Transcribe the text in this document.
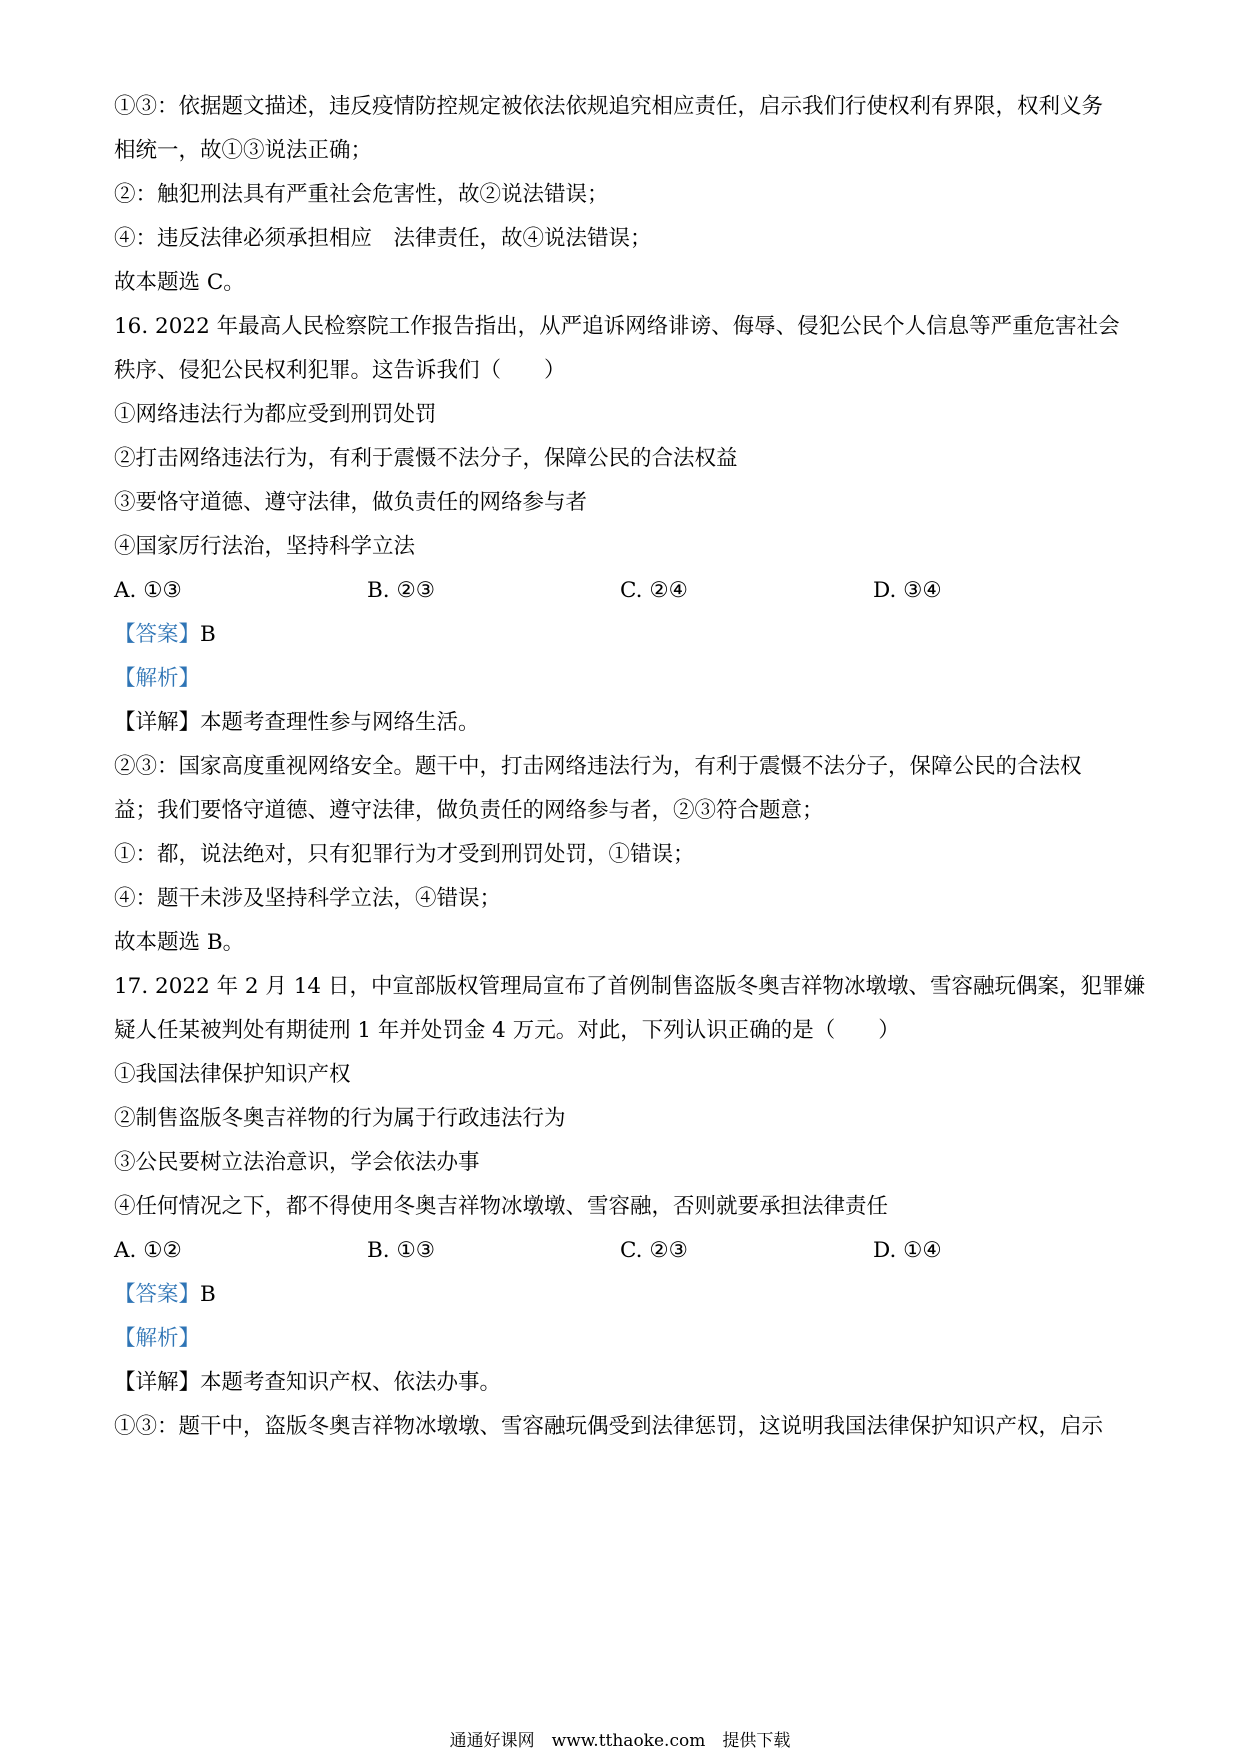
①③：依据题文描述，违反疫情防控规定被依法依规追究相应责任，启示我们行使权利有界限，权利义务
相统一，故①③说法正确；
②：触犯刑法具有严重社会危害性，故②说法错误；
④：违反法律必须承担相应　法律责任，故④说法错误；
故本题选 C。
16. 2022 年最高人民检察院工作报告指出，从严追诉网络诽谤、侮辱、侵犯公民个人信息等严重危害社会
秩序、侵犯公民权利犯罪。这告诉我们（　　）
①网络违法行为都应受到刑罚处罚
②打击网络违法行为，有利于震慑不法分子，保障公民的合法权益
③要恪守道德、遵守法律，做负责任的网络参与者
④国家厉行法治，坚持科学立法
A. ①③	B. ②③	C. ②④	D. ③④
【答案】B
【解析】
【详解】本题考查理性参与网络生活。
②③：国家高度重视网络安全。题干中，打击网络违法行为，有利于震慑不法分子，保障公民的合法权
益；我们要恪守道德、遵守法律，做负责任的网络参与者，②③符合题意；
①：都，说法绝对，只有犯罪行为才受到刑罚处罚，①错误；
④：题干未涉及坚持科学立法，④错误；
故本题选 B。
17. 2022 年 2 月 14 日，中宣部版权管理局宣布了首例制售盗版冬奥吉祥物冰墩墩、雪容融玩偶案，犯罪嫌
疑人任某被判处有期徒刑 1 年并处罚金 4 万元。对此，下列认识正确的是（　　）
①我国法律保护知识产权
②制售盗版冬奥吉祥物的行为属于行政违法行为
③公民要树立法治意识，学会依法办事
④任何情况之下，都不得使用冬奥吉祥物冰墩墩、雪容融，否则就要承担法律责任
A. ①②	B. ①③	C. ②③	D. ①④
【答案】B
【解析】
【详解】本题考查知识产权、依法办事。
①③：题干中，盗版冬奥吉祥物冰墩墩、雪容融玩偶受到法律惩罚，这说明我国法律保护知识产权，启示
通通好课网　www.tthaoke.com　提供下载
